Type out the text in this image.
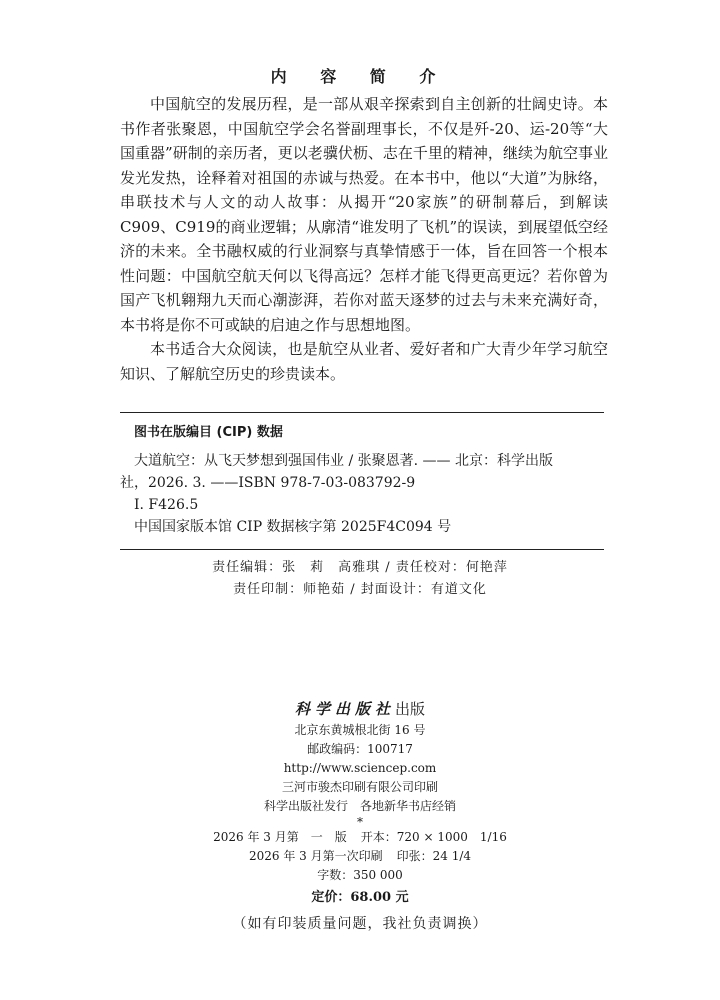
内 容 简 介

中国航空的发展历程，是一部从艰辛探索到自主创新的壮阔史诗。本书作者张聚恩，中国航空学会名誉副理事长，不仅是歼-20、运-20等“大国重器”研制的亲历者，更以老骥伏枥、志在千里的精神，继续为航空事业发光发热，诠释着对祖国的赤诚与热爱。在本书中，他以“大道”为脉络，串联技术与人文的动人故事：从揭开“20家族”的研制幕后，到解读C909、C919的商业逻辑；从廓清“谁发明了飞机”的误读，到展望低空经济的未来。全书融权威的行业洞察与真挚情感于一体，旨在回答一个根本性问题：中国航空航天何以飞得高远？怎样才能飞得更高更远？若你曾为国产飞机翱翔九天而心潮澎湃，若你对蓝天逐梦的过去与未来充满好奇，本书将是你不可或缺的启迪之作与思想地图。

本书适合大众阅读，也是航空从业者、爱好者和广大青少年学习航空知识、了解航空历史的珍贵读本。

图书在版编目 (CIP) 数据

大道航空：从飞天梦想到强国伟业 / 张聚恩著. —— 北京：科学出版

社，2026. 3. ——ISBN 978-7-03-083792-9

Ⅰ. F426.5

中国国家版本馆 CIP 数据核字第 2025F4C094 号

责任编辑：张　莉　高雅琪 / 责任校对：何艳萍
责任印制：师艳茹 / 封面设计：有道文化
科学出版社出版
北京东黄城根北街 16 号
邮政编码：100717
http://www.sciencep.com
三河市骏杰印刷有限公司印刷
科学出版社发行　各地新华书店经销
*
2026 年 3 月第　一　版 开本：720 × 1000　1/16
2026 年 3 月第一次印刷 印张：24 1/4
字数：350 000
定价：68.00 元
（如有印装质量问题，我社负责调换）
